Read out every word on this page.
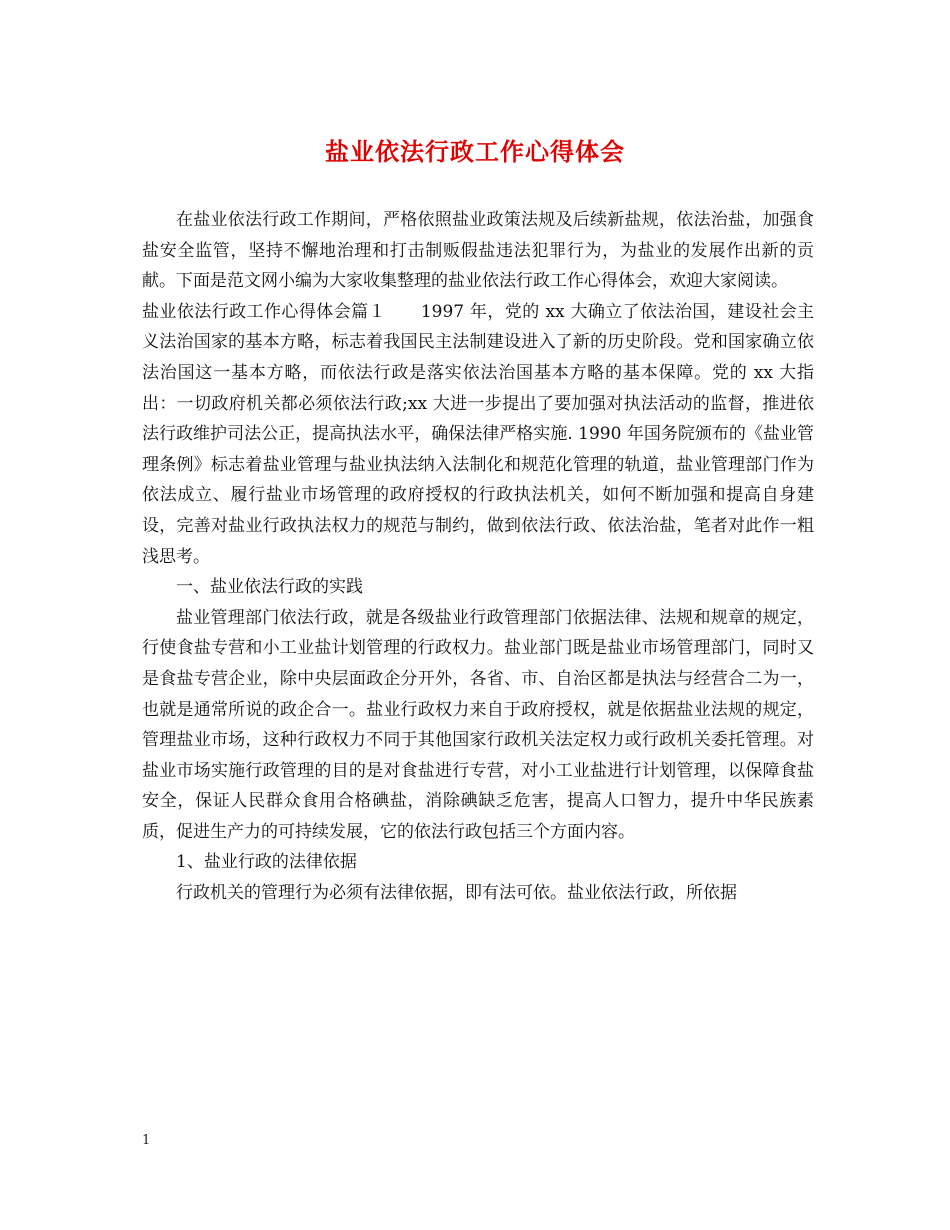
盐业依法行政工作心得体会

在盐业依法行政工作期间，严格依照盐业政策法规及后续新盐规，依法治盐，加强食盐安全监管，坚持不懈地治理和打击制贩假盐违法犯罪行为，为盐业的发展作出新的贡献。下面是范文网小编为大家收集整理的盐业依法行政工作心得体会，欢迎大家阅读。

盐业依法行政工作心得体会篇１　　1997 年，党的 xx 大确立了依法治国，建设社会主义法治国家的基本方略，标志着我国民主法制建设进入了新的历史阶段。党和国家确立依法治国这一基本方略，而依法行政是落实依法治国基本方略的基本保障。党的 xx 大指出：一切政府机关都必须依法行政;xx 大进一步提出了要加强对执法活动的监督，推进依法行政维护司法公正，提高执法水平，确保法律严格实施. 1990 年国务院颁布的《盐业管理条例》标志着盐业管理与盐业执法纳入法制化和规范化管理的轨道，盐业管理部门作为依法成立、履行盐业市场管理的政府授权的行政执法机关，如何不断加强和提高自身建设，完善对盐业行政执法权力的规范与制约，做到依法行政、依法治盐，笔者对此作一粗浅思考。

一、盐业依法行政的实践

盐业管理部门依法行政，就是各级盐业行政管理部门依据法律、法规和规章的规定，行使食盐专营和小工业盐计划管理的行政权力。盐业部门既是盐业市场管理部门，同时又是食盐专营企业，除中央层面政企分开外，各省、市、自治区都是执法与经营合二为一，也就是通常所说的政企合一。盐业行政权力来自于政府授权，就是依据盐业法规的规定，管理盐业市场，这种行政权力不同于其他国家行政机关法定权力或行政机关委托管理。对盐业市场实施行政管理的目的是对食盐进行专营，对小工业盐进行计划管理，以保障食盐安全，保证人民群众食用合格碘盐，消除碘缺乏危害，提高人口智力，提升中华民族素质，促进生产力的可持续发展，它的依法行政包括三个方面内容。

1、盐业行政的法律依据

行政机关的管理行为必须有法律依据，即有法可依。盐业依法行政，所依据

1
